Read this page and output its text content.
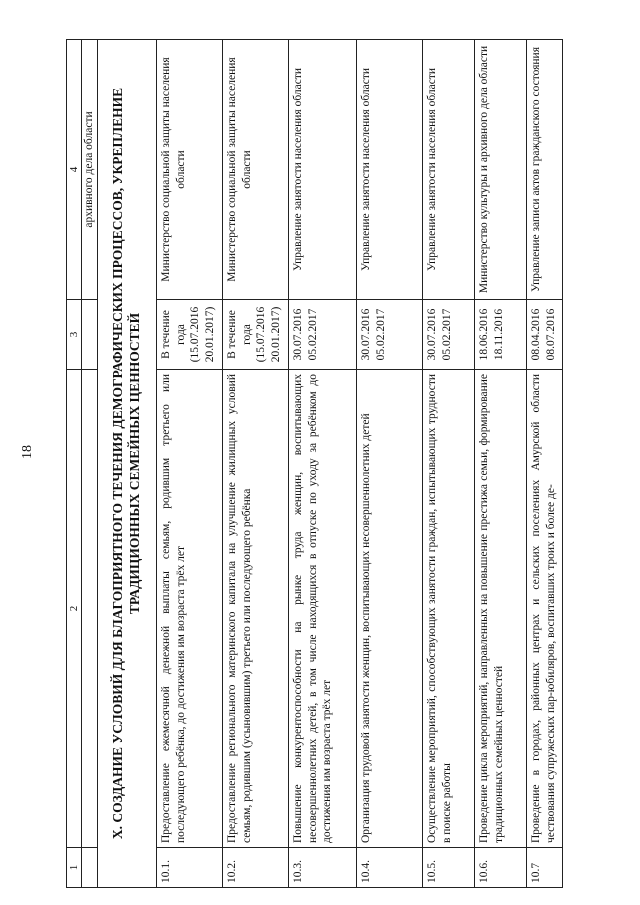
18
1	2	3	4
			архивного дела области
X. СОЗДАНИЕ УСЛОВИЙ ДЛЯ БЛАГОПРИЯТНОГО ТЕЧЕНИЯ ДЕМОГРАФИЧЕСКИХ ПРОЦЕССОВ, УКРЕПЛЕНИЕ ТРАДИЦИОННЫХ СЕМЕЙНЫХ ЦЕННОСТЕЙ			
10.1.	Предоставление ежемесячной денежной выплаты семьям, родившим третьего или последующего ребёнка, до достижения им возраста трёх лет	В течение года (15.07.2016 20.01.2017)	Министерство социальной защиты населения области
10.2.	Предоставление регионального материнского капитала на улучшение жилищных условий семьям, родившим (усыновившим) третьего или последующего ребёнка	В течение года (15.07.2016 20.01.2017)	Министерство социальной защиты населения области
10.3.	Повышение конкурентоспособности на рынке труда женщин, воспитывающих несовершеннолетних детей, в том числе находящихся в отпуске по уходу за ребёнком до достижения им возраста трёх лет	30.07.2016 05.02.2017	Управление занятости населения области
10.4.	Организация трудовой занятости женщин, воспитывающих несовершеннолетних детей	30.07.2016 05.02.2017	Управление занятости населения области
10.5.	Осуществление мероприятий, способствующих занятости граждан, испытывающих трудности в поиске работы	30.07.2016 05.02.2017	Управление занятости населения области
10.6.	Проведение цикла мероприятий, направленных на повышение престижа семьи, формирование традиционных семейных ценностей	18.06.2016 18.11.2016	Министерство культуры и архивного дела области
10.7	Проведение в городах, районных центрах и сельских поселениях Амурской области чествования супружеских пар-юбиляров, воспитавших троих и более де-	08.04.2016 08.07.2016	Управление записи актов гражданского состояния
